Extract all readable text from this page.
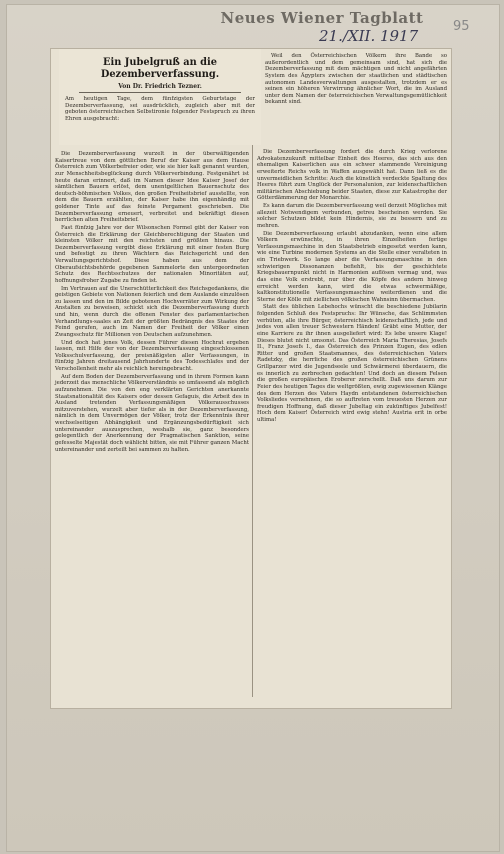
Neues Wiener Tagblatt
21./XII. 1917
95
Ein Jubelgruß an die Dezemberverfassung.
Von Dr. Friedrich Tezner.
Am heutigen Tage, dem fünfzigsten Geburtstage der Dezemberverfassung, sei ausdrücklich, zugleich aber mit der geboten österreichischen Selbstironie folgender Festspruch zu ihren Ehren ausgebracht:

Weil den Österreichischen Völkern ihre Bande so außerordentlich und dem gemeinsam sind, hat sich die Dezemberverfassung mit dem mächtigen und nicht angefährten System des Ägypters zwischen der staatlichen und städtischen autonomen Landesverwaltungen ausgestalten, trotzdem er es seinen ein höheren Verwirrung ähnlicher Wort, die im Ausland unter dem Namen der österreichischen Verwaltungsgemütlichkeit bekannt sind.

Die Dezemberverfassung wurzelt in der überwältigenden Kaisertreue von dem göttlichen Beruf der Kaiser aus dem Hause Österreich zum Völkerbefreier oder, wie sie hier kalt genannt wurden, zur Menschheitsbeglückung durch Völkerverbindung. Festgenährt ist heute daran erinnert, daß im Namen dieser Idee Kaiser Josef der sämtlichen Bauern erlöst, dem unentgeltlichen Bauernschutz des deutsch-böhmischen Volkes, den großen Freiheitsbrief ausstellte, von dem die Bauern erzählten, der Kaiser habe ihn eigenhändig mit goldener Tinte auf das feinste Pergament geschrieben. Die Dezemberverfassung erneuert, verbreitet und bekräftigt diesen herrlichen alten Freiheitsbrief.

Fast fünfzig Jahre vor der Wilsonschen Formel gibt der Kaiser von Österreich die Erklärung der Gleichberechtigung der Staaten und kleinsten Völker mit den reichsten und größten hinaus. Die Dezemberverfassung vergibt diese Erklärung mit einer festen Burg und befestigt zu ihren Wächtern das Reichsgericht und den Verwaltungsgerichtshof. Diese haben aus dem der Oberaufsichtsbehörde gegebenen Sammelorte den untergeordneten Schutz des Rechtsschutzes der nationalen Minoritäten auf, hoffnungsfroher Zugabe zu finden ist.

Im Vertrauen auf die Unerschütterlichkeit des Reichsgedankens, die geistigen Gebiete von Nationen feierlich und dem Auslande einzulösen zu lassen und den im Bilde gebotenen Hochverräter zum Wirkung der Anstalten zu beweisen, schickt sich die Dezemberverfassung durch und hin, wenn durch die offenen Fenster des parlamentarischen Verhandlungs-saales an Zeit der größten Bedrängnis des Staates der Feind gerufen, auch im Namen der Freiheit der Völker einen Zwangsschutz für Millionen von Deutschen aufzunehmen.

Und doch hat jenes Volk, dessen Führer diesen Hochrat ergeben lassen, mit Hilfe der von der Dezemberverfassung eingeschlossenen Volksschulverfassung, der preisnäßigsten aller Verfassungen, in fünfzig Jahren dreitausend Jahrhunderte des Todesschlafes und der Verschollenheit mehr als reichlich hereingebracht.

Auf dem Boden der Dezemberverfassung und in ihrem Formen kann jederzeit das menschliche Völkerverständnis so umfassend als möglich aufzunehmen. Die von den eng verklärten Gerichten anerkannte Staatsnationalität des Kaisers oder dessen Gefaguis, die Arbeit des in Ausland tretenden Verfassungsmäßigen Völkerausschusses mitzuverstehen, wurzelt aber tiefer als in der Dezemberverfassung, nämlich in dem Unvermögen der Völker, trotz der Erkenntnis ihrer wechselseitigen Abhängigkeit und Ergänzungsbedürftigkeit sich untereinander auszusprechen, weshalb sie, ganz besonders gelegentlich der Anerkennung der Pragmatischen Sanktion, seine gefesselte Majestät doch wählicht bitten, sie mit Führer ganzen Macht untereinander und zerteilt bei sammen zu halten.

Die Dezemberverfassung fordert die durch Krieg verlorene Advokatenzukunft mittelbar Einheit des Heeres, das sich aus den ehemaligen Kaiserlichen aus ein schwer stammende Vereinigung erweiterte Reichs volk in Waffen ausgewählt hat. Dann ließ es die unvermeidlichen Schritte: Auch die künstlich verdeckte Spaltung des Heeres führt zum Unglück der Personalunion, zur leidenschaftlichen militärischen Abschiebung beider Staaten, diese zur Katastrophe der Götterdämmerung der Monarchie.

Es kann darum die Dezemberverfassung weil derzeit Mögliches mit allezeit Notwendigem verbunden, getreu bescheinen werden. Sie solcher Schutzen bildet kein Hindernis, sie zu bessern und zu mehren.

Die Dezemberverfassung erlaubt abzudanken, wenn eine allem Völkern erwünschte, in ihren Einzelheiten fertige Verfassungsmaschine in den Staatsbetrieb eingesetzt werden kann, wie eine Turbine modernen Systems an die Stelle einer veralteten in ein Triebwerk. So lange aber die Verfassungsmaschine in den schwierigen Dissonanzen befiehlt, bis der geschichtete Kriegsbauernpunkt nicht in Harmonien auflösen vermag und, was das eine Volk erstrebt, nur über die Köpfe des andern hinweg erreicht werden kann, wird die etwas schwermäßige, kaltkonstitutionelle Verfassungsmaschine weiterdienen und die Sterne der Kölle mit ziellichen völkischen Wahnsinn übermachen.

Statt des üblichen Lebehochs wünscht die beschiedene Jubilarin folgenden Schluß des Festspruchs: Ihr Wünsche, das Schlimmsten verhüten, alle ihre Bürger, österreichisch leidenschaftlich, jede und jedes von allen treuer Schwestern Händen! Gräbt eine Mutter, der eine Karriere zu ihr ihnen ausgeliefert wird: Es lebe unsere Klage! Dieses blutet nicht umsonst. Das Österreich Maria Theresias, Josefs II., Franz Josefs I., das Österreich des Prinzen Eugen, des edlen Ritter und großen Staatsmannes, des österreichischen Vaters Radetzky, die herrliche des großen österreichischen Grünens Grillparzer wird die Jugendseele und Schwärmerei überdauern, die es innerlich zu zerbrechen gedachten! Und doch an diesem Felsen die großen europäischen Eroberer zerschellt. Daß uns darum zur Feier des heutigen Tages die weltgrößten, ewig zugewiesenen Klänge des dem Herzen des Vaters Haydn entstandenen österreichischen Volksliedes vernehmen, die so auftreten vom treuesten Herzen zur freudigen Hoffnung, daß dieser Jubeltag ein zukünftiges Jubelfest! Hoch dem Kaiser! Österreich wird ewig stehn! Austria erit in orbe ultima!
